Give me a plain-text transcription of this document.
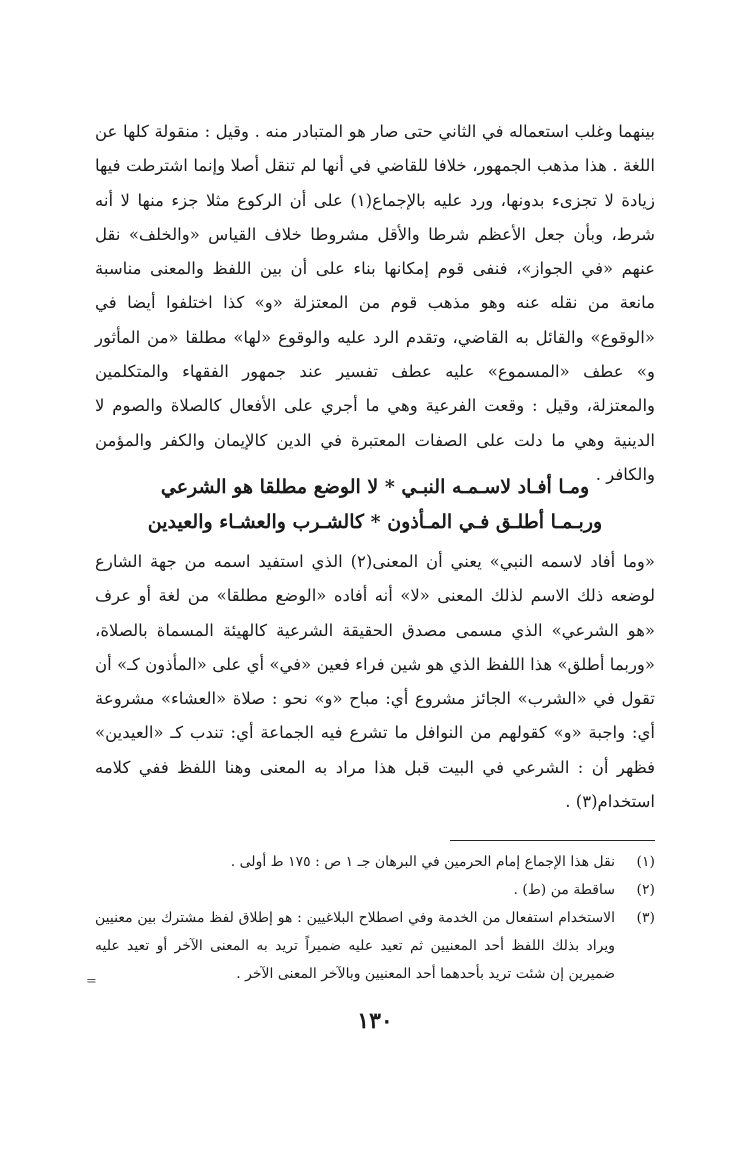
بينهما وغلب استعماله في الثاني حتى صار هو المتبادر منه . وقيل : منقولة كلها عن اللغة . هذا مذهب الجمهور، خلافا للقاضي في أنها لم تنقل أصلا وإنما اشترطت فيها زيادة لا تجزىء بدونها، ورد عليه بالإجماع(١) على أن الركوع مثلا جزء منها لا أنه شرط، وبأن جعل الأعظم شرطا والأقل مشروطا خلاف القياس «والخلف» نقل عنهم «في الجواز»، فنفى قوم إمكانها بناء على أن بين اللفظ والمعنى مناسبة مانعة من نقله عنه وهو مذهب قوم من المعتزلة «و» كذا اختلفوا أيضا في «الوقوع» والقائل به القاضي، وتقدم الرد عليه والوقوع «لها» مطلقا «من المأثور و» عطف «المسموع» عليه عطف تفسير عند جمهور الفقهاء والمتكلمين والمعتزلة، وقيل : وقعت الفرعية وهي ما أجري على الأفعال كالصلاة والصوم لا الدينية وهي ما دلت على الصفات المعتبرة في الدين كالإيمان والكفر والمؤمن والكافر .

ومـا أفـاد لاسـمـه النبـي * لا الوضع مطلقا هو الشرعي
وربـمـا أطلـق فـي المـأذون * كالشـرب والعشـاء والعيدين

«وما أفاد لاسمه النبي» يعني أن المعنى(٢) الذي استفيد اسمه من جهة الشارع لوضعه ذلك الاسم لذلك المعنى «لا» أنه أفاده «الوضع مطلقا» من لغة أو عرف «هو الشرعي» الذي مسمى مصدق الحقيقة الشرعية كالهيئة المسماة بالصلاة، «وربما أطلق» هذا اللفظ الذي هو شين فراء فعين «في» أي على «المأذون كـ» أن تقول في «الشرب» الجائز مشروع أي: مباح «و» نحو : صلاة «العشاء» مشروعة أي: واجبة «و» كقولهم من النوافل ما تشرع فيه الجماعة أي: تندب كـ «العيدين» فظهر أن : الشرعي في البيت قبل هذا مراد به المعنى وهنا اللفظ ففي كلامه استخدام(٣) .

(١)
نقل هذا الإجماع إمام الحرمين في البرهان جـ ١ ص : ١٧٥ ط أولى .
(٢)
ساقطة من (ط) .
(٣)
الاستخدام استفعال من الخدمة وفي اصطلاح البلاغيين : هو إطلاق لفظ مشترك بين معنيين ويراد بذلك اللفظ أحد المعنيين ثم تعيد عليه ضميراً تريد به المعنى الآخر أو تعيد عليه ضميرين إن شئت تريد بأحدهما أحد المعنيين وبالآخر المعنى الآخر .
=
١٣٠
